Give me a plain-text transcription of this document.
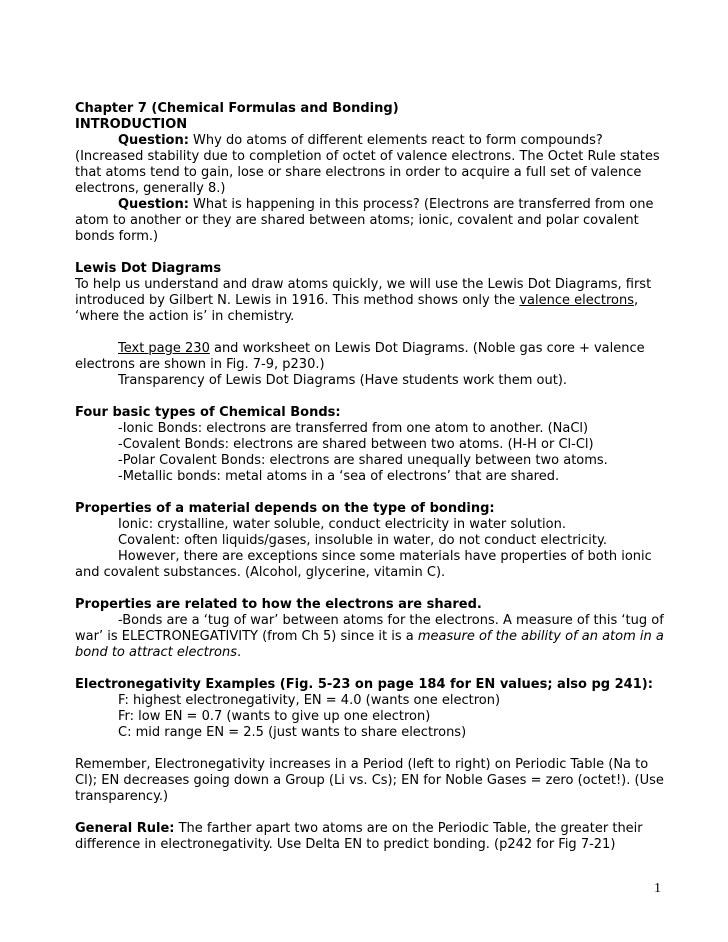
Chapter 7 (Chemical Formulas and Bonding)

INTRODUCTION

Question: Why do atoms of different elements react to form compounds? (Increased stability due to completion of octet of valence electrons. The Octet Rule states that atoms tend to gain, lose or share electrons in order to acquire a full set of valence electrons, generally 8.)

Question: What is happening in this process? (Electrons are transferred from one atom to another or they are shared between atoms; ionic, covalent and polar covalent bonds form.)

Lewis Dot Diagrams

To help us understand and draw atoms quickly, we will use the Lewis Dot Diagrams, first introduced by Gilbert N. Lewis in 1916. This method shows only the valence electrons, ‘where the action is’ in chemistry.

Text page 230 and worksheet on Lewis Dot Diagrams. (Noble gas core + valence electrons are shown in Fig. 7-9, p230.)

Transparency of Lewis Dot Diagrams (Have students work them out).

Four basic types of Chemical Bonds:

-Ionic Bonds: electrons are transferred from one atom to another. (NaCl)

-Covalent Bonds: electrons are shared between two atoms. (H-H or Cl-Cl)

-Polar Covalent Bonds: electrons are shared unequally between two atoms.

-Metallic bonds: metal atoms in a ‘sea of electrons’ that are shared.

Properties of a material depends on the type of bonding:

Ionic: crystalline, water soluble, conduct electricity in water solution.

Covalent: often liquids/gases, insoluble in water, do not conduct electricity.

However, there are exceptions since some materials have properties of both ionic and covalent substances. (Alcohol, glycerine, vitamin C).

Properties are related to how the electrons are shared.

-Bonds are a ‘tug of war’ between atoms for the electrons. A measure of this ‘tug of war’ is ELECTRONEGATIVITY (from Ch 5) since it is a measure of the ability of an atom in a bond to attract electrons.

Electronegativity Examples (Fig. 5-23 on page 184 for EN values; also pg 241):

F: highest electronegativity, EN = 4.0 (wants one electron)

Fr: low EN = 0.7 (wants to give up one electron)

C: mid range EN = 2.5 (just wants to share electrons)

Remember, Electronegativity increases in a Period (left to right) on Periodic Table (Na to Cl); EN decreases going down a Group (Li vs. Cs); EN for Noble Gases = zero (octet!). (Use transparency.)

General Rule: The farther apart two atoms are on the Periodic Table, the greater their difference in electronegativity. Use Delta EN to predict bonding. (p242 for Fig 7-21)

1
